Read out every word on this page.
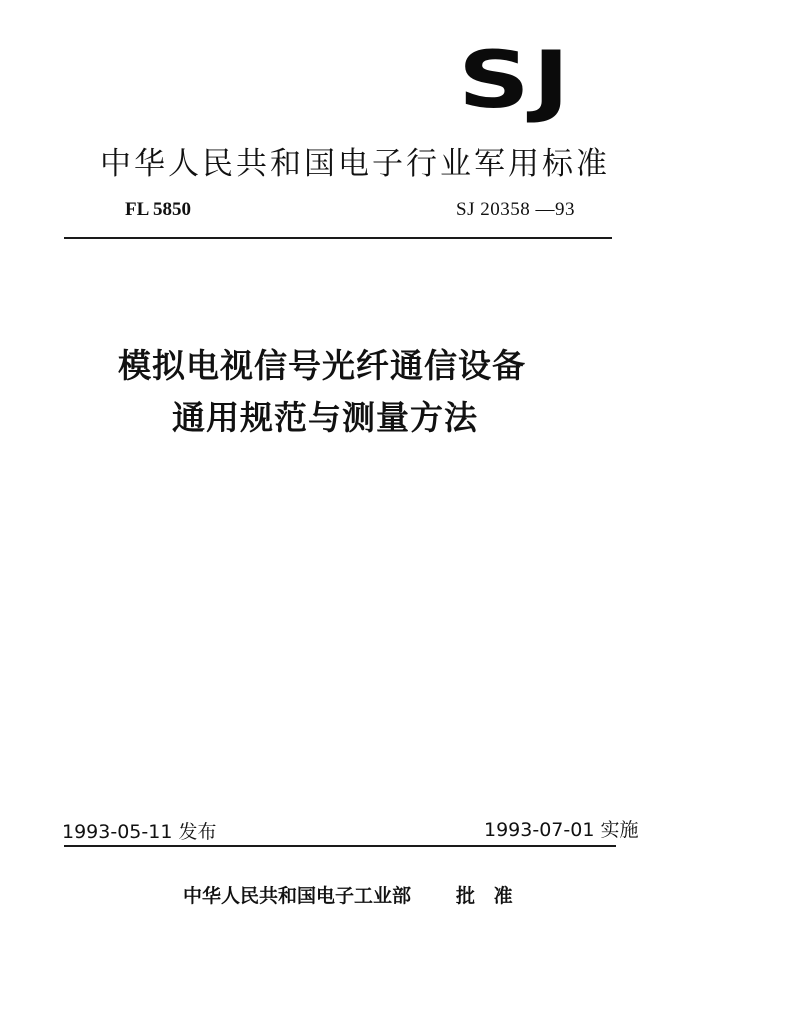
SJ
中华人民共和国电子行业军用标准
FL 5850	SJ 20358 —93
模拟电视信号光纤通信设备
通用规范与测量方法
1993-05-11 发布	1993-07-01 实施
中华人民共和国电子工业部 批 准
